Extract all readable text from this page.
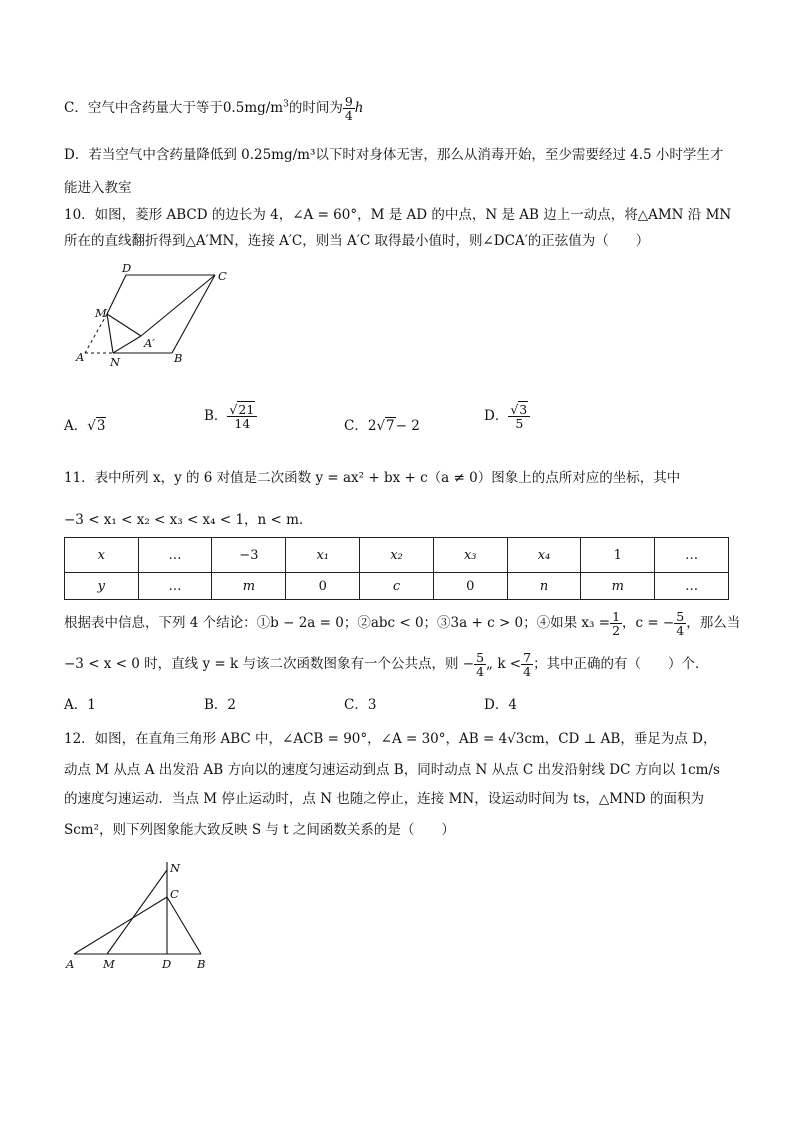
C．空气中含药量大于等于$0.5mg/m^3$的时间为 $\frac{9}{4}$ h
D．若当空气中含药量降低到 0.25mg/m³以下时对身体无害，那么从消毒开始，至少需要经过 4.5 小时学生才
能进入教室
10．如图，菱形 ABCD 的边长为 4，∠A = 60°，M 是 AD 的中点，N 是 AB 边上一动点，将△AMN 沿 MN
所在的直线翻折得到△A′MN，连接 A′C，则当 A′C 取得最小值时，则∠DCA′的正弦值为（　　）
D
C
M
A′
A N	B
A．√3
B． $\frac{√21}{14}$	C．2√7− 2
D． $\frac{√3}{5}$
11．表中所列 x，y 的 6 对值是二次函数 y = ax² + bx + c（a ≠ 0）图象上的点所对应的坐标，其中
−3 < x₁ < x₂ < x₃ < x₄ < 1，n < m．
x	…	−3	x₁	x₂	x₃	x₄	1	…
y	…	m	0	c	0	n	m	…
根据表中信息，下列 4 个结论：①b − 2a = 0；②abc < 0；③3a + c > 0；④如果 $x_3 = \frac{1}{2}$ ，c = − $\frac{5}{4}$ ，那么当
−3 < x < 0 时，直线 y = k 与该二次函数图象有一个公共点，则 − $\frac{5}{4}$ „ $k < \frac{7}{4}$ ；其中正确的有（　　）个．
A．1	B．2	C．3	D．4
12．如图，在直角三角形 ABC 中，∠ACB = 90°，∠A = 30°，AB = 4√3cm，CD ⊥ AB，垂足为点 D，
动点 M 从点 A 出发沿 AB 方向以的速度匀速运动到点 B，同时动点 N 从点 C 出发沿射线 DC 方向以 1cm/s
的速度匀速运动．当点 M 停止运动时，点 N 也随之停止，连接 MN，设运动时间为 ts，△MND 的面积为
Scm²，则下列图象能大致反映 S 与 t 之间函数关系的是（　　）
N
C
A M	D B
